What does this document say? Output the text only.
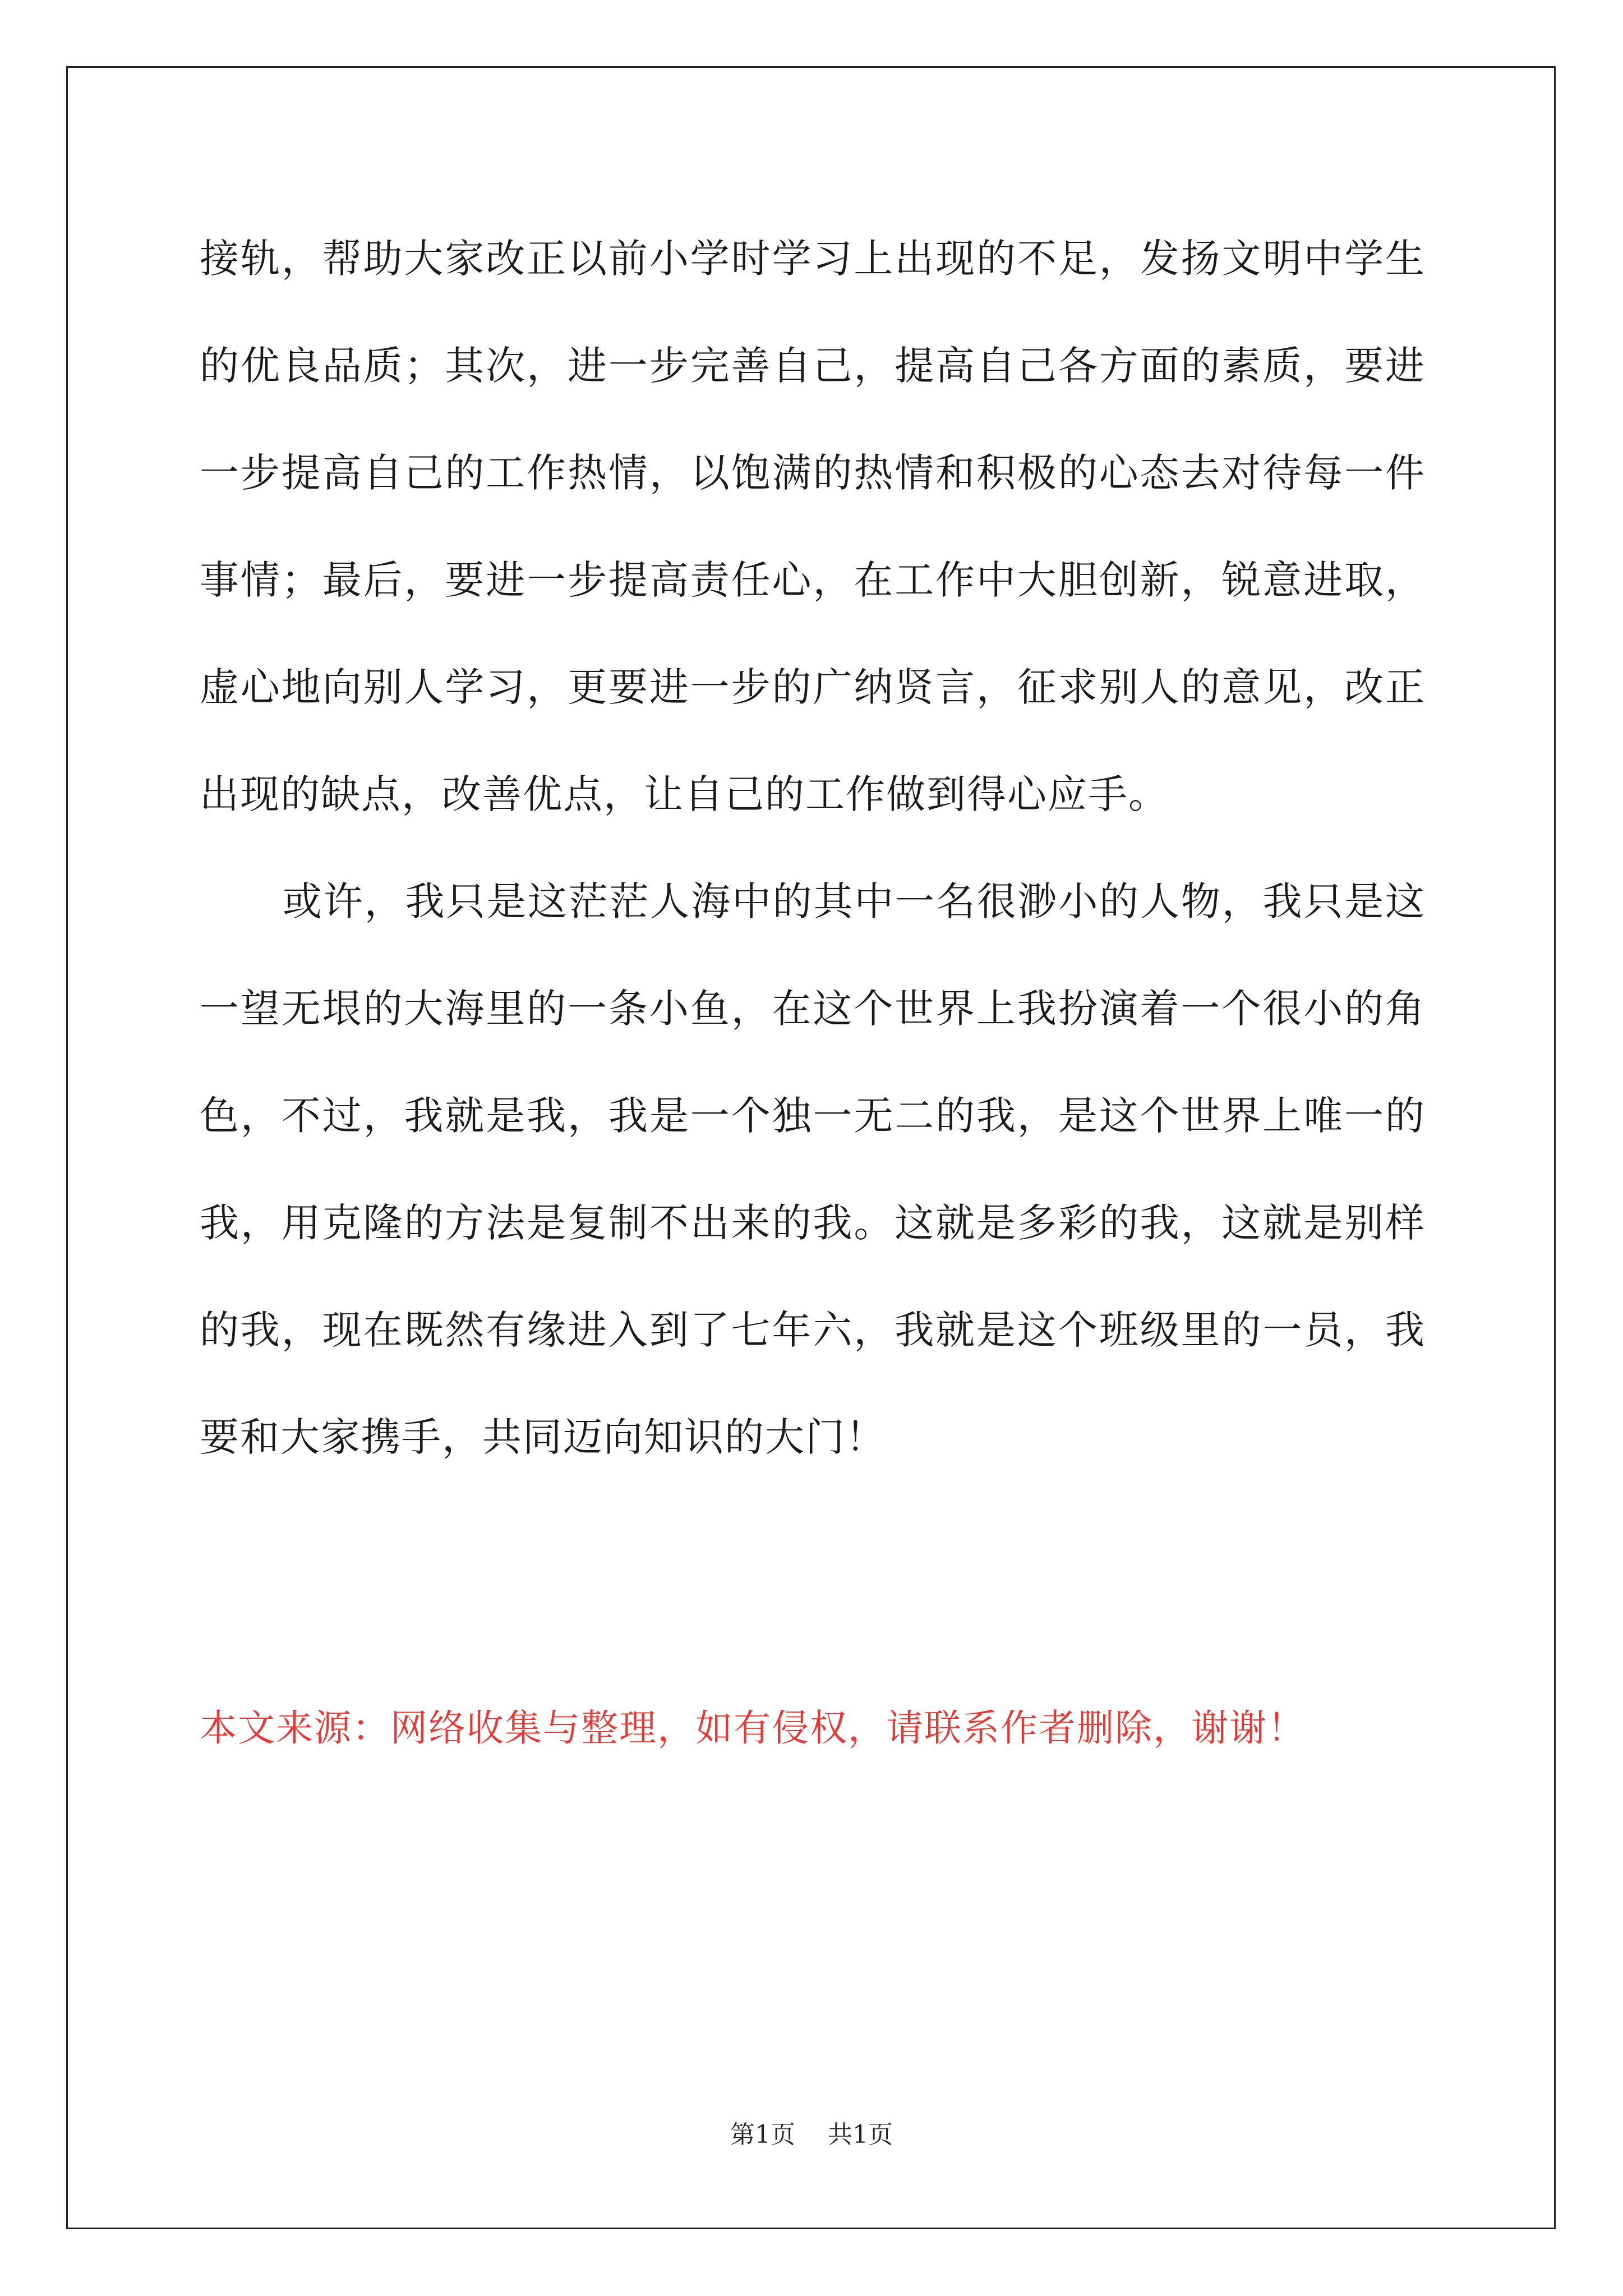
接轨，帮助大家改正以前小学时学习上出现的不足，发扬文明中学生的优良品质；其次，进一步完善自己，提高自己各方面的素质，要进一步提高自己的工作热情，以饱满的热情和积极的心态去对待每一件事情；最后，要进一步提高责任心，在工作中大胆创新，锐意进取，虚心地向别人学习，更要进一步的广纳贤言，征求别人的意见，改正出现的缺点，改善优点，让自己的工作做到得心应手。

或许，我只是这茫茫人海中的其中一名很渺小的人物，我只是这一望无垠的大海里的一条小鱼，在这个世界上我扮演着一个很小的角色，不过，我就是我，我是一个独一无二的我，是这个世界上唯一的我，用克隆的方法是复制不出来的我。这就是多彩的我，这就是别样的我，现在既然有缘进入到了七年六，我就是这个班级里的一员，我要和大家携手，共同迈向知识的大门！

本文来源：网络收集与整理，如有侵权，请联系作者删除，谢谢！

第1页 共1页
